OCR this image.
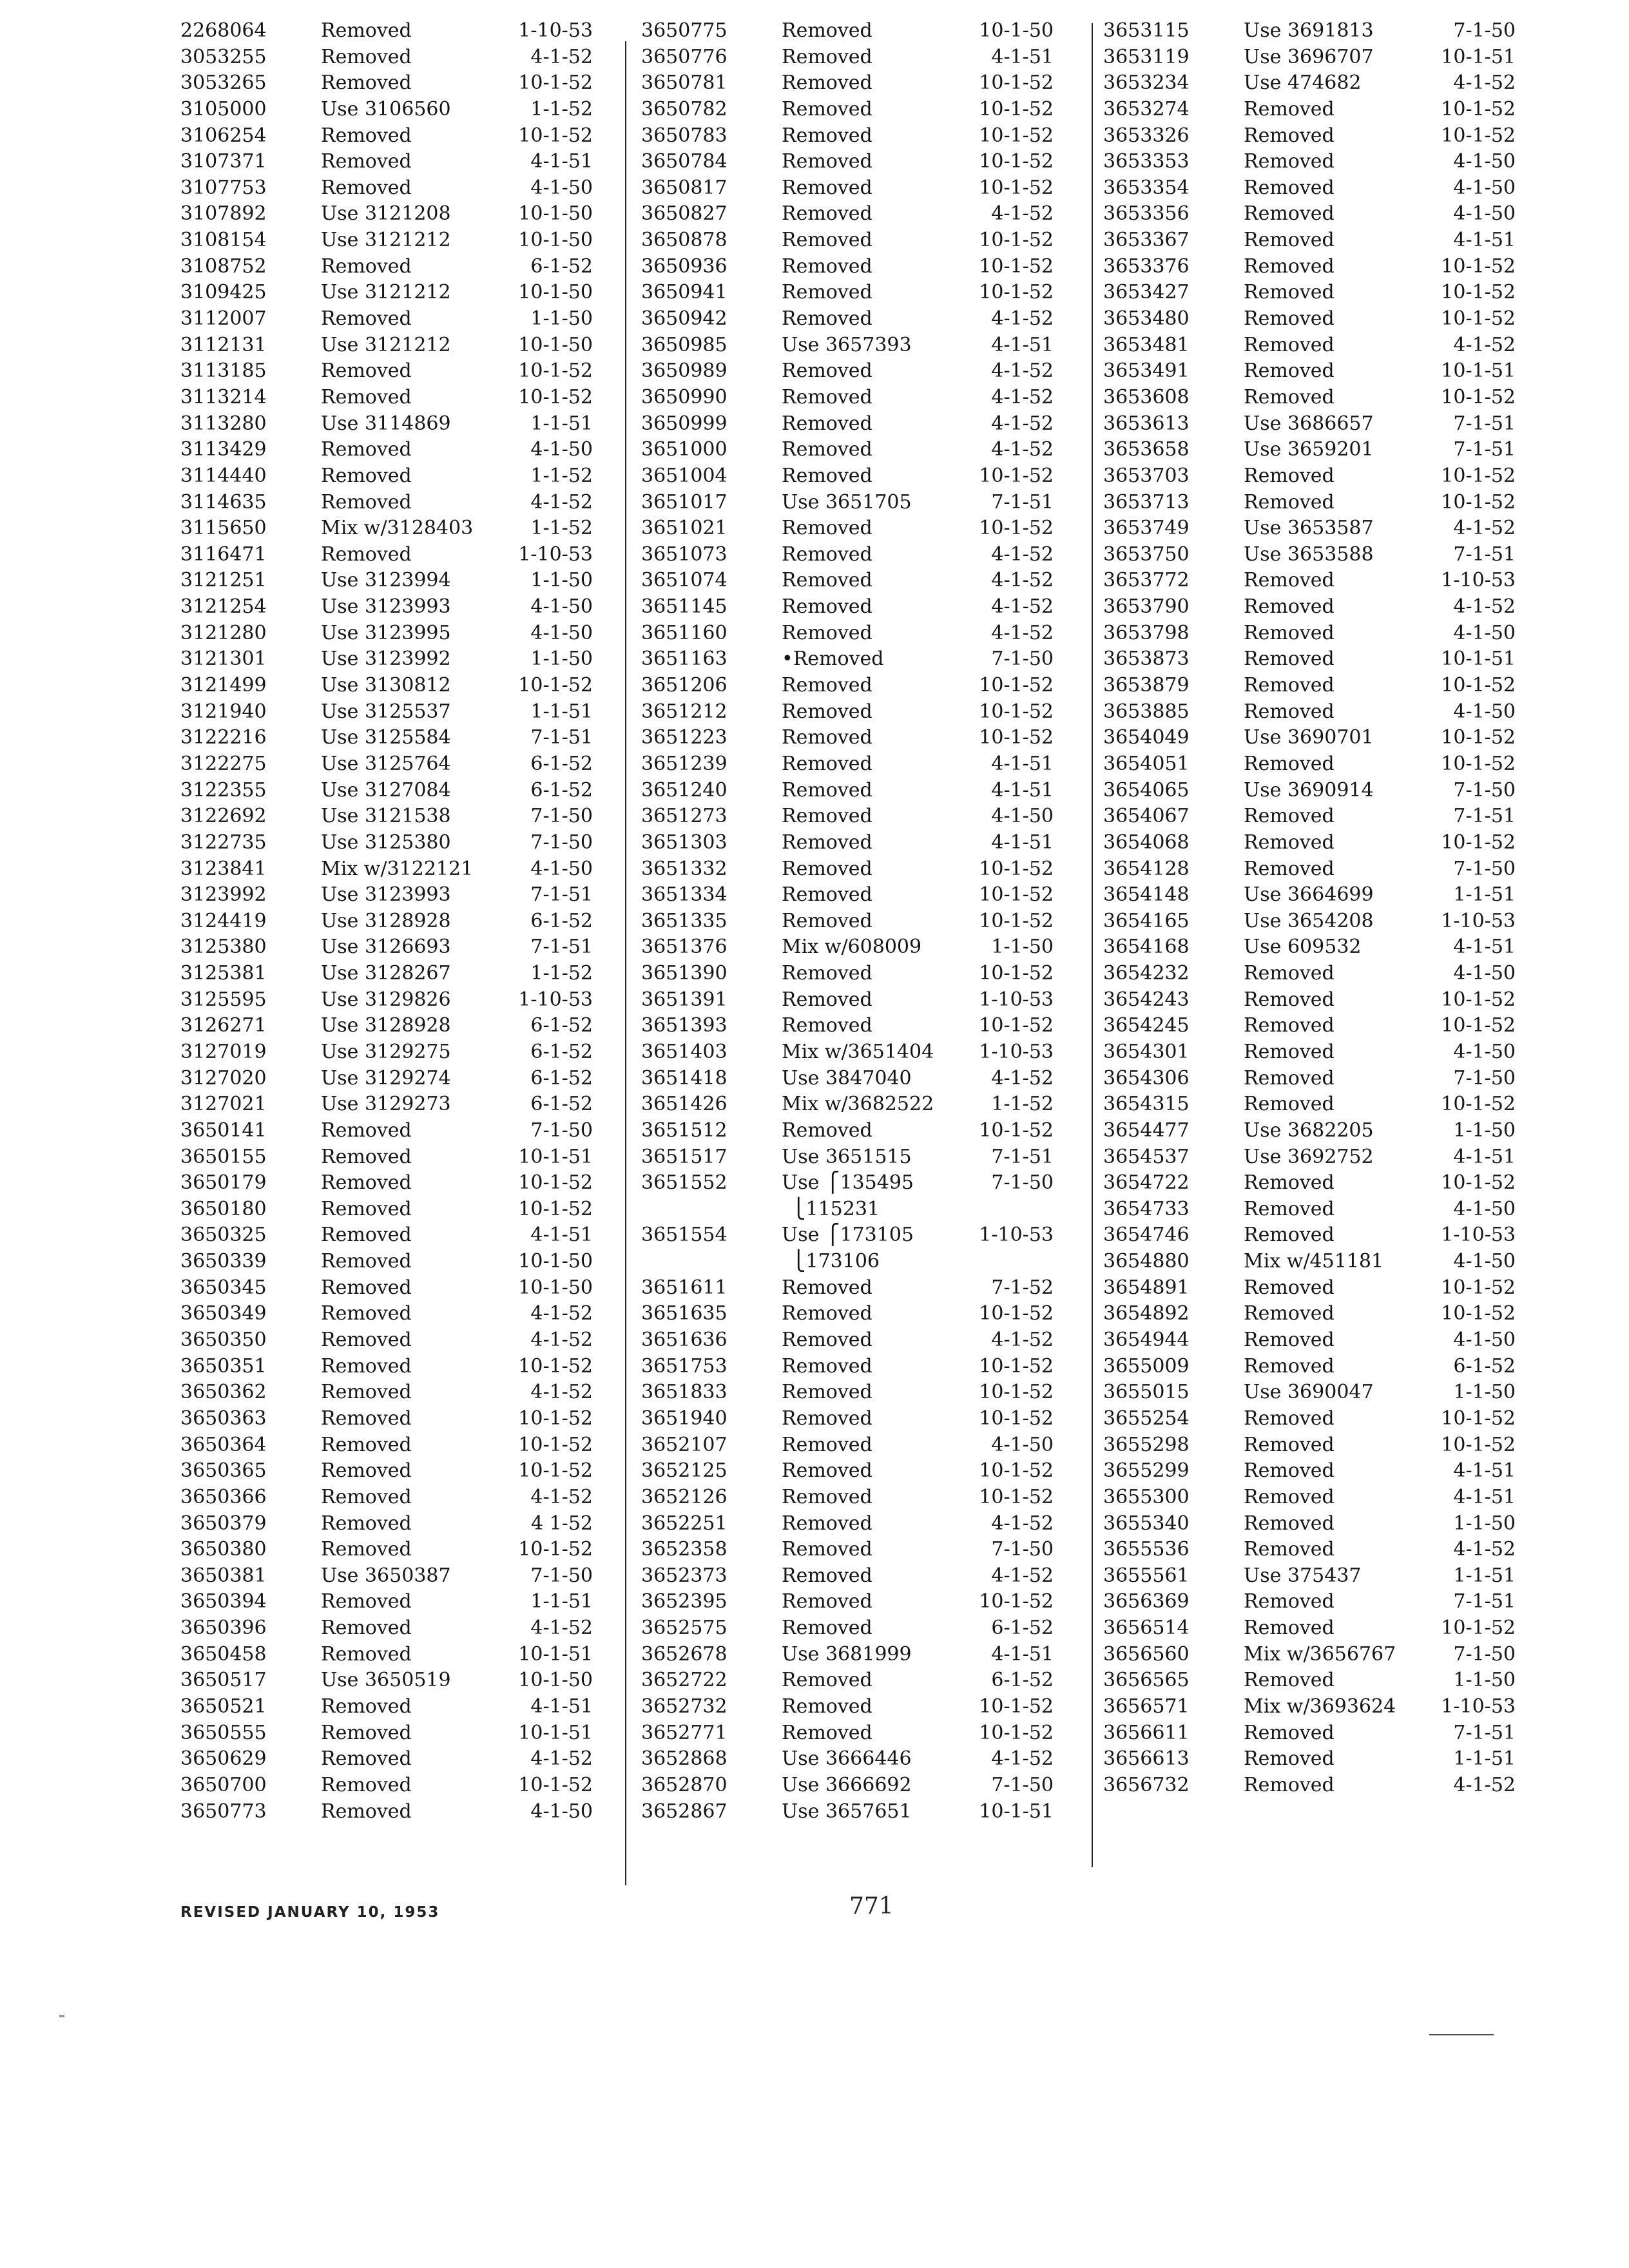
2268064	Removed	1-10-53
3053255	Removed	4-1-52
3053265	Removed	10-1-52
3105000	Use 3106560	1-1-52
3106254	Removed	10-1-52
3107371	Removed	4-1-51
3107753	Removed	4-1-50
3107892	Use 3121208	10-1-50
3108154	Use 3121212	10-1-50
3108752	Removed	6-1-52
3109425	Use 3121212	10-1-50
3112007	Removed	1-1-50
3112131	Use 3121212	10-1-50
3113185	Removed	10-1-52
3113214	Removed	10-1-52
3113280	Use 3114869	1-1-51
3113429	Removed	4-1-50
3114440	Removed	1-1-52
3114635	Removed	4-1-52
3115650	Mix w/3128403	1-1-52
3116471	Removed	1-10-53
3121251	Use 3123994	1-1-50
3121254	Use 3123993	4-1-50
3121280	Use 3123995	4-1-50
3121301	Use 3123992	1-1-50
3121499	Use 3130812	10-1-52
3121940	Use 3125537	1-1-51
3122216	Use 3125584	7-1-51
3122275	Use 3125764	6-1-52
3122355	Use 3127084	6-1-52
3122692	Use 3121538	7-1-50
3122735	Use 3125380	7-1-50
3123841	Mix w/3122121	4-1-50
3123992	Use 3123993	7-1-51
3124419	Use 3128928	6-1-52
3125380	Use 3126693	7-1-51
3125381	Use 3128267	1-1-52
3125595	Use 3129826	1-10-53
3126271	Use 3128928	6-1-52
3127019	Use 3129275	6-1-52
3127020	Use 3129274	6-1-52
3127021	Use 3129273	6-1-52
3650141	Removed	7-1-50
3650155	Removed	10-1-51
3650179	Removed	10-1-52
3650180	Removed	10-1-52
3650325	Removed	4-1-51
3650339	Removed	10-1-50
3650345	Removed	10-1-50
3650349	Removed	4-1-52
3650350	Removed	4-1-52
3650351	Removed	10-1-52
3650362	Removed	4-1-52
3650363	Removed	10-1-52
3650364	Removed	10-1-52
3650365	Removed	10-1-52
3650366	Removed	4-1-52
3650379	Removed	4 1-52
3650380	Removed	10-1-52
3650381	Use 3650387	7-1-50
3650394	Removed	1-1-51
3650396	Removed	4-1-52
3650458	Removed	10-1-51
3650517	Use 3650519	10-1-50
3650521	Removed	4-1-51
3650555	Removed	10-1-51
3650629	Removed	4-1-52
3650700	Removed	10-1-52
3650773	Removed	4-1-50
3650775	Removed	10-1-50
3650776	Removed	4-1-51
3650781	Removed	10-1-52
3650782	Removed	10-1-52
3650783	Removed	10-1-52
3650784	Removed	10-1-52
3650817	Removed	10-1-52
3650827	Removed	4-1-52
3650878	Removed	10-1-52
3650936	Removed	10-1-52
3650941	Removed	10-1-52
3650942	Removed	4-1-52
3650985	Use 3657393	4-1-51
3650989	Removed	4-1-52
3650990	Removed	4-1-52
3650999	Removed	4-1-52
3651000	Removed	4-1-52
3651004	Removed	10-1-52
3651017	Use 3651705	7-1-51
3651021	Removed	10-1-52
3651073	Removed	4-1-52
3651074	Removed	4-1-52
3651145	Removed	4-1-52
3651160	Removed	4-1-52
3651163	•Removed	7-1-50
3651206	Removed	10-1-52
3651212	Removed	10-1-52
3651223	Removed	10-1-52
3651239	Removed	4-1-51
3651240	Removed	4-1-51
3651273	Removed	4-1-50
3651303	Removed	4-1-51
3651332	Removed	10-1-52
3651334	Removed	10-1-52
3651335	Removed	10-1-52
3651376	Mix w/608009	1-1-50
3651390	Removed	10-1-52
3651391	Removed	1-10-53
3651393	Removed	10-1-52
3651403	Mix w/3651404 1-10-53
3651418	Use 3847040	4-1-52
3651426	Mix w/3682522	1-1-52
3651512	Removed	10-1-52
3651517	Use 3651515	7-1-51
3651552	Use ⎧135495	7-1-50
⎩115231
3651554	Use ⎧173105	1-10-53
⎩173106
3651611	Removed	7-1-52
3651635	Removed	10-1-52
3651636	Removed	4-1-52
3651753	Removed	10-1-52
3651833	Removed	10-1-52
3651940	Removed	10-1-52
3652107	Removed	4-1-50
3652125	Removed	10-1-52
3652126	Removed	10-1-52
3652251	Removed	4-1-52
3652358	Removed	7-1-50
3652373	Removed	4-1-52
3652395	Removed	10-1-52
3652575	Removed	6-1-52
3652678	Use 3681999	4-1-51
3652722	Removed	6-1-52
3652732	Removed	10-1-52
3652771	Removed	10-1-52
3652868	Use 3666446	4-1-52
3652870	Use 3666692	7-1-50
3652867	Use 3657651	10-1-51
3653115	Use 3691813	7-1-50
3653119	Use 3696707	10-1-51
3653234	Use 474682	4-1-52
3653274	Removed	10-1-52
3653326	Removed	10-1-52
3653353	Removed	4-1-50
3653354	Removed	4-1-50
3653356	Removed	4-1-50
3653367	Removed	4-1-51
3653376	Removed	10-1-52
3653427	Removed	10-1-52
3653480	Removed	10-1-52
3653481	Removed	4-1-52
3653491	Removed	10-1-51
3653608	Removed	10-1-52
3653613	Use 3686657	7-1-51
3653658	Use 3659201	7-1-51
3653703	Removed	10-1-52
3653713	Removed	10-1-52
3653749	Use 3653587	4-1-52
3653750	Use 3653588	7-1-51
3653772	Removed	1-10-53
3653790	Removed	4-1-52
3653798	Removed	4-1-50
3653873	Removed	10-1-51
3653879	Removed	10-1-52
3653885	Removed	4-1-50
3654049	Use 3690701	10-1-52
3654051	Removed	10-1-52
3654065	Use 3690914	7-1-50
3654067	Removed	7-1-51
3654068	Removed	10-1-52
3654128	Removed	7-1-50
3654148	Use 3664699	1-1-51
3654165	Use 3654208	1-10-53
3654168	Use 609532	4-1-51
3654232	Removed	4-1-50
3654243	Removed	10-1-52
3654245	Removed	10-1-52
3654301	Removed	4-1-50
3654306	Removed	7-1-50
3654315	Removed	10-1-52
3654477	Use 3682205	1-1-50
3654537	Use 3692752	4-1-51
3654722	Removed	10-1-52
3654733	Removed	4-1-50
3654746	Removed	1-10-53
3654880	Mix w/451181	4-1-50
3654891	Removed	10-1-52
3654892	Removed	10-1-52
3654944	Removed	4-1-50
3655009	Removed	6-1-52
3655015	Use 3690047	1-1-50
3655254	Removed	10-1-52
3655298	Removed	10-1-52
3655299	Removed	4-1-51
3655300	Removed	4-1-51
3655340	Removed	1-1-50
3655536	Removed	4-1-52
3655561	Use 375437	1-1-51
3656369	Removed	7-1-51
3656514	Removed	10-1-52
3656560	Mix w/3656767	7-1-50
3656565	Removed	1-1-50
3656571	Mix w/3693624 1-10-53
3656611	Removed	7-1-51
3656613	Removed	1-1-51
3656732	Removed	4-1-52
REVISED JANUARY 10, 1953	771
